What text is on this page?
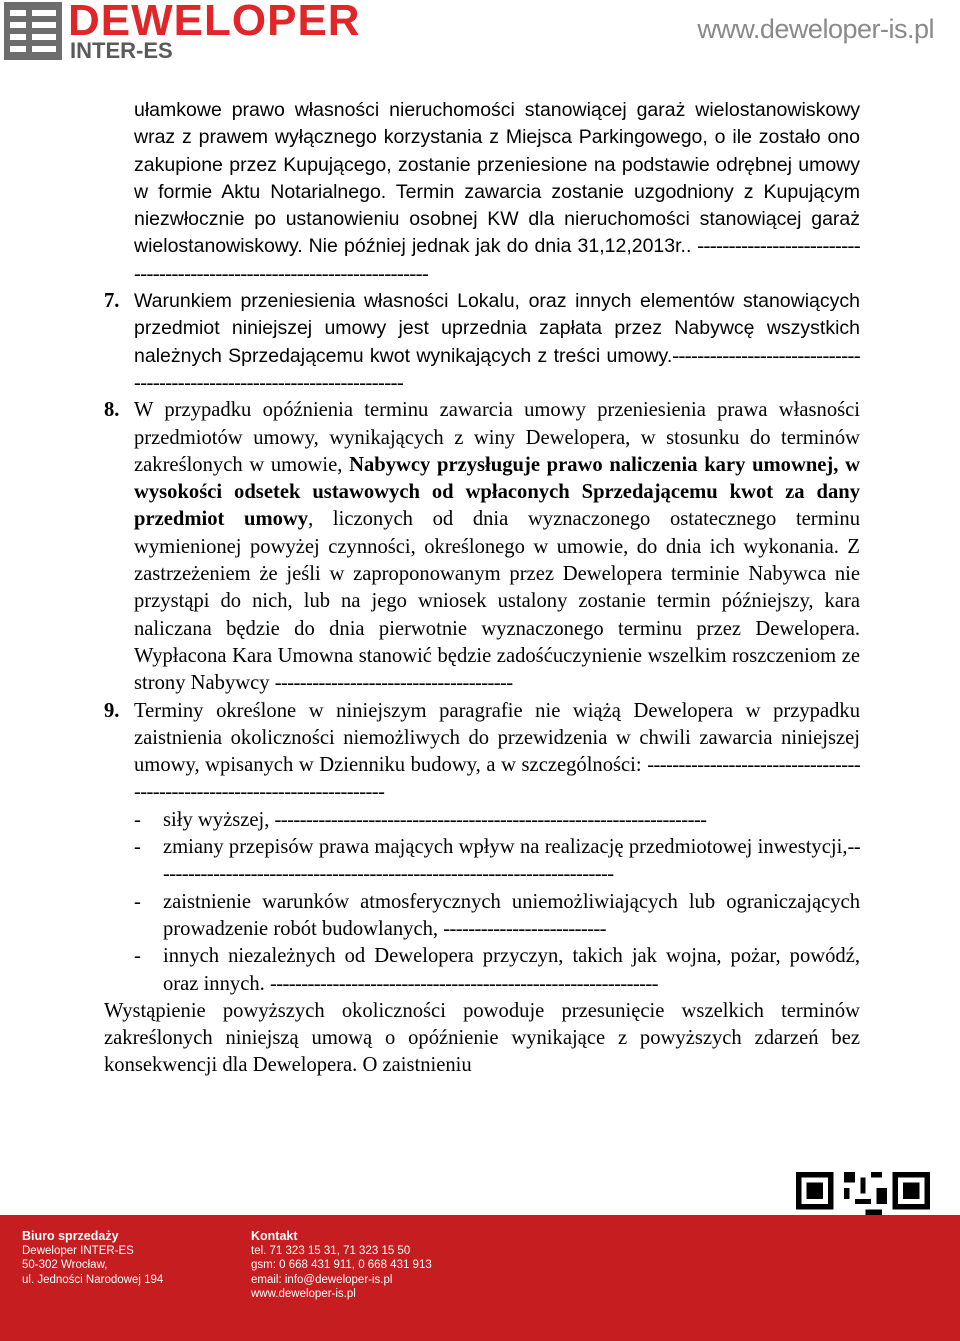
DEWELOPER
INTER-ES
www.deweloper-is.pl

ułamkowe prawo własności nieruchomości stanowiącej garaż wielostanowiskowy wraz z prawem wyłącznego korzystania z Miejsca Parkingowego, o ile zostało ono zakupione przez Kupującego, zostanie przeniesione na podstawie odrębnej umowy w formie Aktu Notarialnego. Termin zawarcia zostanie uzgodniony z Kupującym niezwłocznie po ustanowieniu osobnej KW dla nieruchomości stanowiącej garaż wielostanowiskowy. Nie później jednak jak do dnia 31,12,2013r.. -------------------------------------------------------------------------

7. Warunkiem przeniesienia własności Lokalu, oraz innych elementów stanowiących przedmiot niniejszej umowy jest uprzednia zapłata przez Nabywcę wszystkich należnych Sprzedającemu kwot wynikających z treści umowy.-------------------------------------------------------------------------

8. W przypadku opóźnienia terminu zawarcia umowy przeniesienia prawa własności przedmiotów umowy, wynikających z winy Dewelopera, w stosunku do terminów zakreślonych w umowie, Nabywcy przysługuje prawo naliczenia kary umownej, w wysokości odsetek ustawowych od wpłaconych Sprzedającemu kwot za dany przedmiot umowy, liczonych od dnia wyznaczonego ostatecznego terminu wymienionej powyżej czynności, określonego w umowie, do dnia ich wykonania. Z zastrzeżeniem że jeśli w zaproponowanym przez Dewelopera terminie Nabywca nie przystąpi do nich, lub na jego wniosek ustalony zostanie termin późniejszy, kara naliczana będzie do dnia pierwotnie wyznaczonego terminu przez Dewelopera. Wypłacona Kara Umowna stanowić będzie zadośćuczynienie wszelkim roszczeniom ze strony Nabywcy --------------------------------------

9. Terminy określone w niniejszym paragrafie nie wiążą Dewelopera w przypadku zaistnienia okoliczności niemożliwych do przewidzenia w chwili zawarcia niniejszej umowy, wpisanych w Dzienniku budowy, a w szczególności: --------------------------------------------------------------------------

- siły wyższej, ---------------------------------------------------------------------

- zmiany przepisów prawa mających wpływ na realizację przedmiotowej inwestycji,--------------------------------------------------------------------------

- zaistnienie warunków atmosferycznych uniemożliwiających lub ograniczających prowadzenie robót budowlanych, --------------------------

- innych niezależnych od Dewelopera przyczyn, takich jak wojna, pożar, powódź, oraz innych. --------------------------------------------------------------

Wystąpienie powyższych okoliczności powoduje przesunięcie wszelkich terminów zakreślonych niniejszą umową o opóźnienie wynikające z powyższych zdarzeń bez konsekwencji dla Dewelopera. O zaistnieniu

Biuro sprzedaży
Deweloper INTER-ES
50-302 Wrocław,
ul. Jedności Narodowej 194
Kontakt
tel. 71 323 15 31, 71 323 15 50
gsm: 0 668 431 911, 0 668 431 913
email: info@deweloper-is.pl
www.deweloper-is.pl
